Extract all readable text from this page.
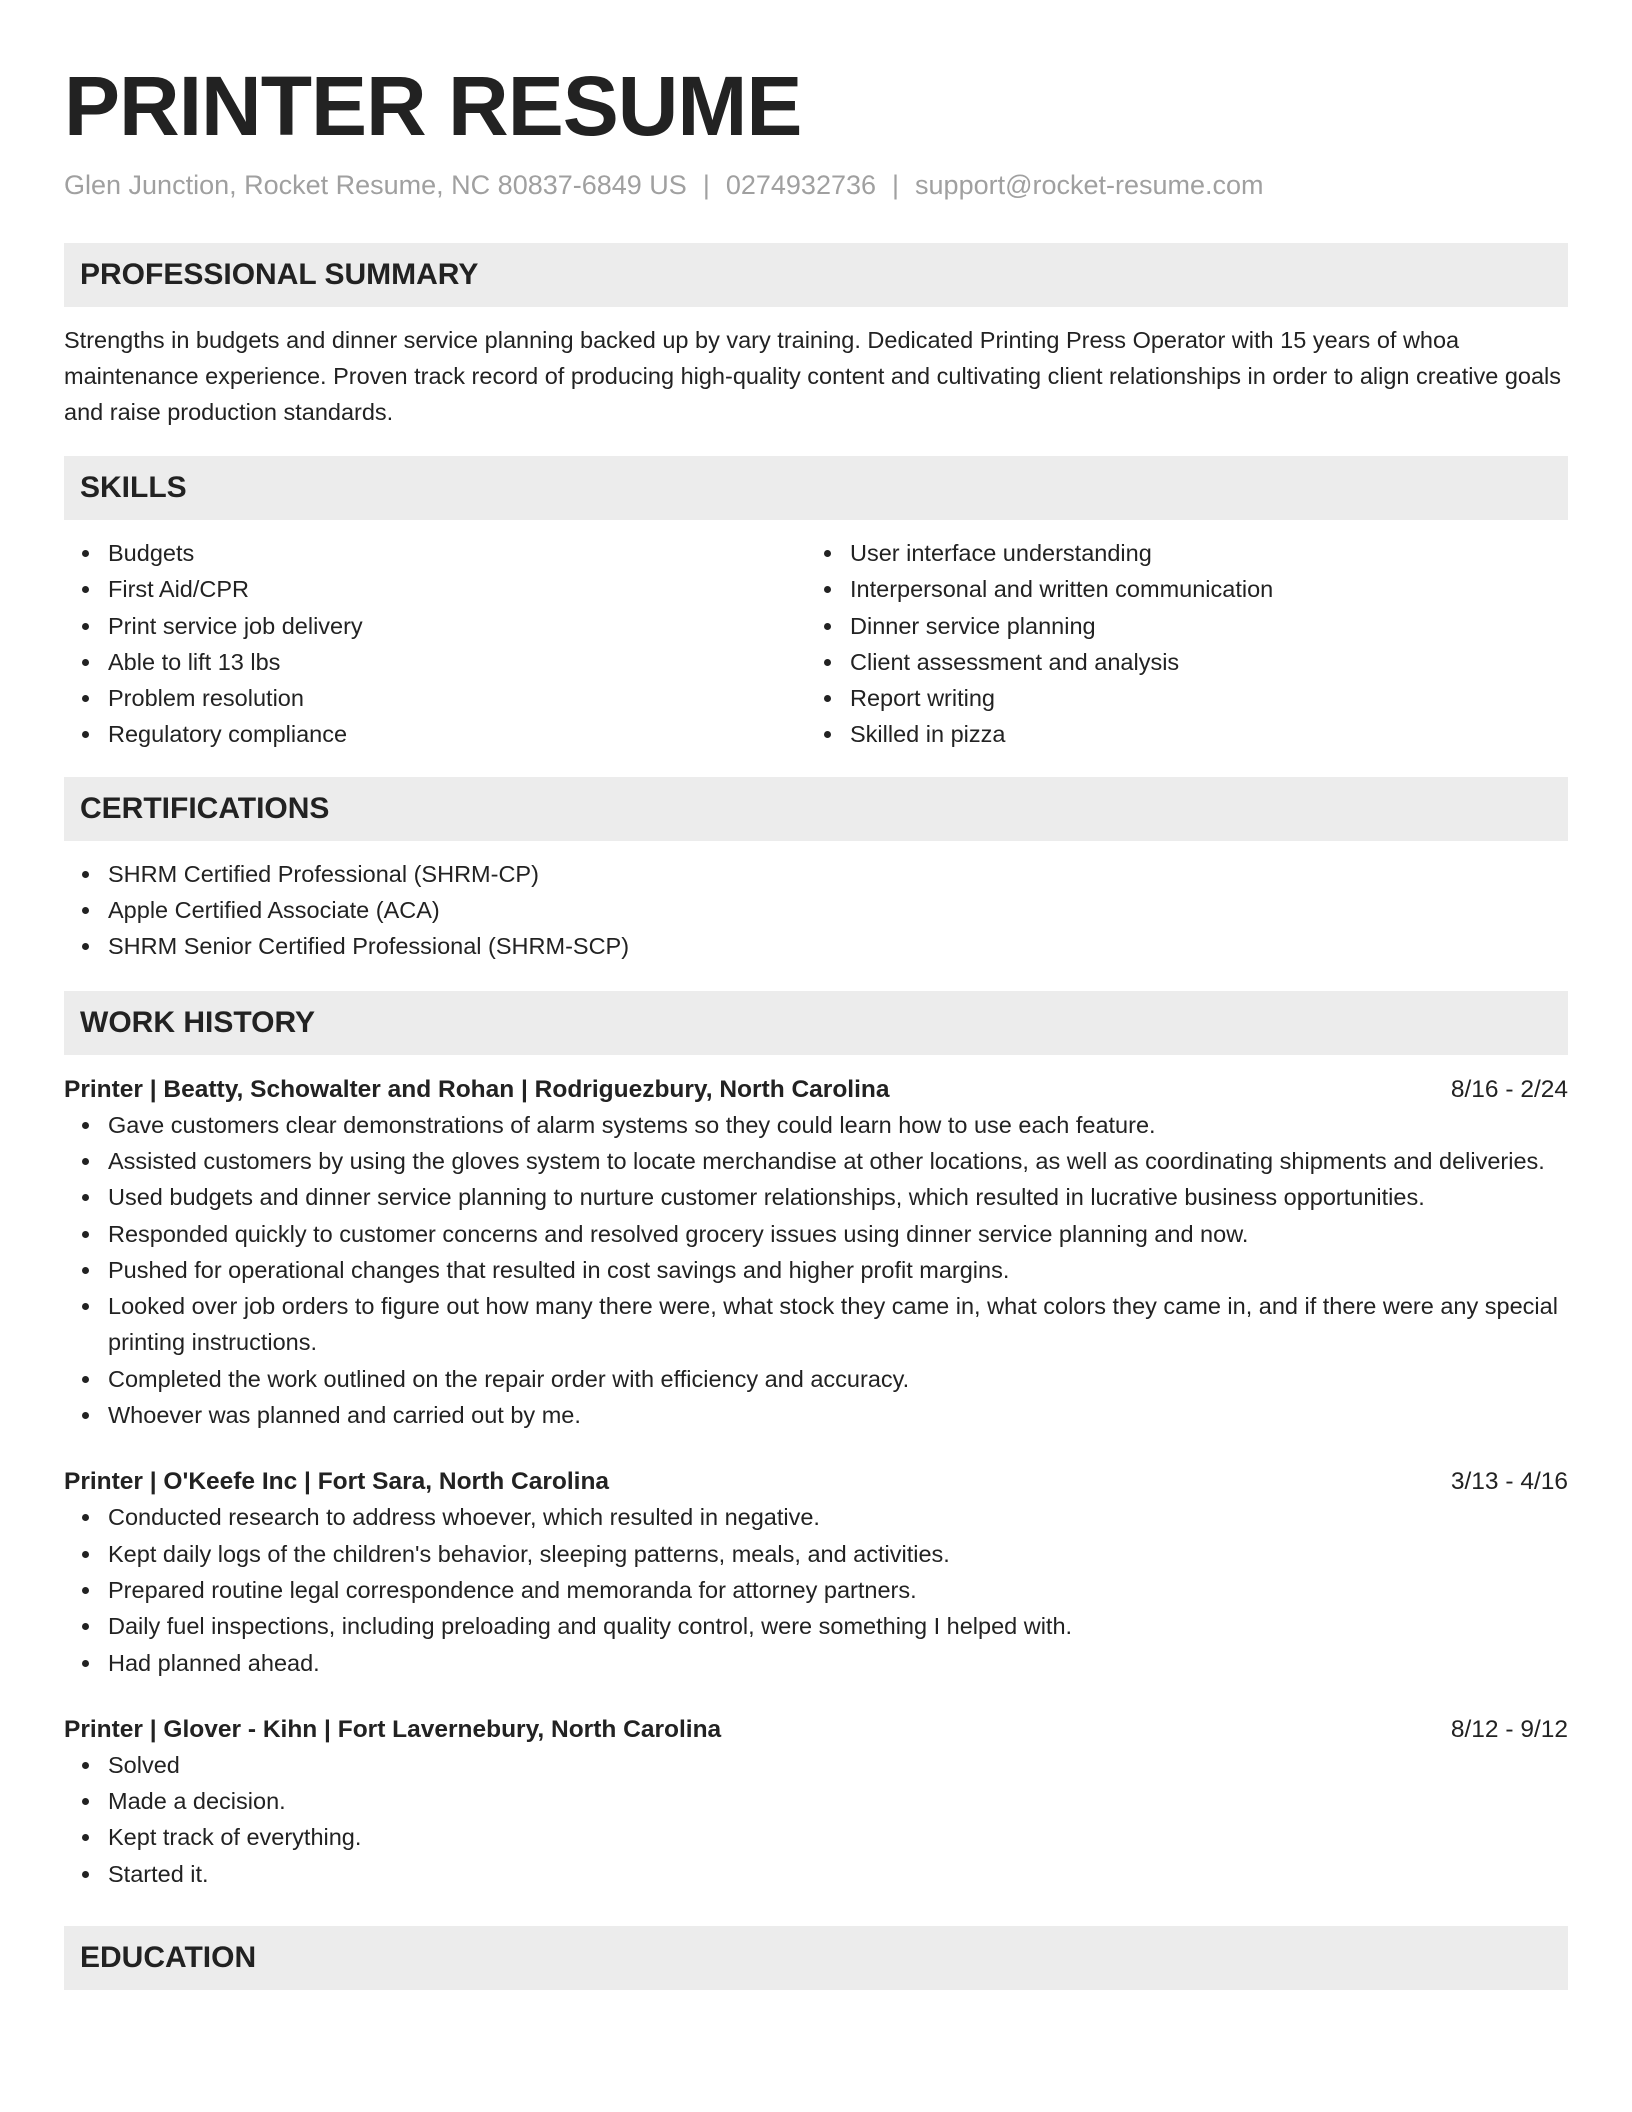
PRINTER RESUME
Glen Junction, Rocket Resume, NC 80837-6849 US | 0274932736 | support@rocket-resume.com
PROFESSIONAL SUMMARY

Strengths in budgets and dinner service planning backed up by vary training. Dedicated Printing Press Operator with 15 years of whoa maintenance experience. Proven track record of producing high-quality content and cultivating client relationships in order to align creative goals and raise production standards.

SKILLS
Budgets
First Aid/CPR
Print service job delivery
Able to lift 13 lbs
Problem resolution
Regulatory compliance
User interface understanding
Interpersonal and written communication
Dinner service planning
Client assessment and analysis
Report writing
Skilled in pizza
CERTIFICATIONS
SHRM Certified Professional (SHRM-CP)
Apple Certified Associate (ACA)
SHRM Senior Certified Professional (SHRM-SCP)
WORK HISTORY
Printer | Beatty, Schowalter and Rohan | Rodriguezbury, North Carolina	8/16 - 2/24
Gave customers clear demonstrations of alarm systems so they could learn how to use each feature.
Assisted customers by using the gloves system to locate merchandise at other locations, as well as coordinating shipments and deliveries.
Used budgets and dinner service planning to nurture customer relationships, which resulted in lucrative business opportunities.
Responded quickly to customer concerns and resolved grocery issues using dinner service planning and now.
Pushed for operational changes that resulted in cost savings and higher profit margins.
Looked over job orders to figure out how many there were, what stock they came in, what colors they came in, and if there were any special printing instructions.
Completed the work outlined on the repair order with efficiency and accuracy.
Whoever was planned and carried out by me.
Printer | O'Keefe Inc | Fort Sara, North Carolina	3/13 - 4/16
Conducted research to address whoever, which resulted in negative.
Kept daily logs of the children's behavior, sleeping patterns, meals, and activities.
Prepared routine legal correspondence and memoranda for attorney partners.
Daily fuel inspections, including preloading and quality control, were something I helped with.
Had planned ahead.
Printer | Glover - Kihn | Fort Lavernebury, North Carolina	8/12 - 9/12
Solved
Made a decision.
Kept track of everything.
Started it.
EDUCATION
